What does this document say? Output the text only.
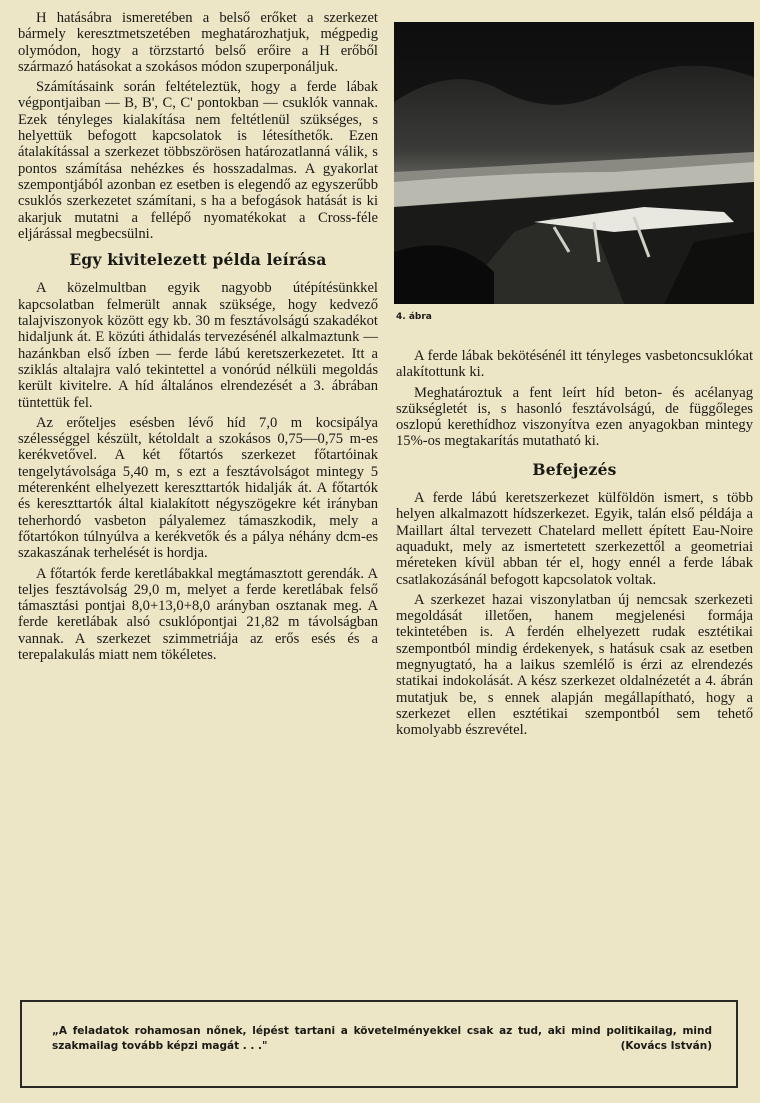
H hatásábra ismeretében a belső erőket a szerkezet bármely keresztmetszetében meghatározhatjuk, mégpedig olymódon, hogy a törzstartó belső erőire a H erőből származó hatásokat a szokásos módon szuperponáljuk.

Számításaink során feltételeztük, hogy a ferde lábak végpontjaiban — B, B', C, C' pontokban — csuklók vannak. Ezek tényleges kialakítása nem feltétlenül szükséges, s helyettük befogott kapcsolatok is létesíthetők. Ezen átalakítással a szerkezet többszörösen határozatlanná válik, s pontos számítása nehézkes és hosszadalmas. A gyakorlat szempontjából azonban ez esetben is elegendő az egyszerűbb csuklós szerkezetet számítani, s ha a befogások hatását is ki akarjuk mutatni a fellépő nyomatékokat a Cross-féle eljárással megbecsülni.

Egy kivitelezett példa leírása

A közelmultban egyik nagyobb útépítésünkkel kapcsolatban felmerült annak szüksége, hogy kedvező talajviszonyok között egy kb. 30 m fesztávolságú szakadékot hidaljunk át. E közúti áthidalás tervezésénél alkalmaztunk — hazánkban első ízben — ferde lábú keretszerkezetet. Itt a sziklás altalajra való tekintettel a vonórúd nélküli megoldás került kivitelre. A híd általános elrendezését a 3. ábrában tüntettük fel.

Az erőteljes esésben lévő híd 7,0 m kocsipálya szélességgel készült, kétoldalt a szokásos 0,75—0,75 m-es kerékvetővel. A két főtartós szerkezet főtartóinak tengelytávolsága 5,40 m, s ezt a fesztávolságot mintegy 5 méterenként elhelyezett kereszttartók hidalják át. A főtartók és kereszttartók által kialakított négyszögekre két irányban teherhordó vasbeton pályalemez támaszkodik, mely a főtartókon túlnyúlva a kerékvetők és a pálya néhány dcm-es szakaszának terhelését is hordja.

A főtartók ferde keretlábakkal megtámasztott gerendák. A teljes fesztávolság 29,0 m, melyet a ferde keretlábak felső támasztási pontjai 8,0+13,0+8,0 arányban osztanak meg. A ferde keretlábak alsó csuklópontjai 21,82 m távolságban vannak. A szerkezet szimmetriája az erős esés és a terepalakulás miatt nem tökéletes.

4. ábra

A ferde lábak bekötésénél itt tényleges vasbetoncsuklókat alakítottunk ki.

Meghatároztuk a fent leírt híd beton- és acélanyag szükségletét is, s hasonló fesztávolságú, de függőleges oszlopú kerethídhoz viszonyítva ezen anyagokban mintegy 15%-os megtakarítás mutatható ki.

Befejezés

A ferde lábú keretszerkezet külföldön ismert, s több helyen alkalmazott hídszerkezet. Egyik, talán első példája a Maillart által tervezett Chatelard mellett épített Eau-Noire aquadukt, mely az ismertetett szerkezettől a geometriai méreteken kívül abban tér el, hogy ennél a ferde lábak csatlakozásánál befogott kapcsolatok voltak.

A szerkezet hazai viszonylatban új nemcsak szerkezeti megoldását illetően, hanem megjelenési formája tekintetében is. A ferdén elhelyezett rudak esztétikai szempontból mindig érdekenyek, s hatásuk csak az esetben megnyugtató, ha a laikus szemlélő is érzi az elrendezés statikai indokolását. A kész szerkezet oldalnézetét a 4. ábrán mutatjuk be, s ennek alapján megállapítható, hogy a szerkezet ellen esztétikai szempontból sem tehető komolyabb észrevétel.

„A feladatok rohamosan nőnek, lépést tartani a követelményekkel csak az tud, aki mind politikailag, mind szakmailag tovább képzi magát . . ."	(Kovács István)
